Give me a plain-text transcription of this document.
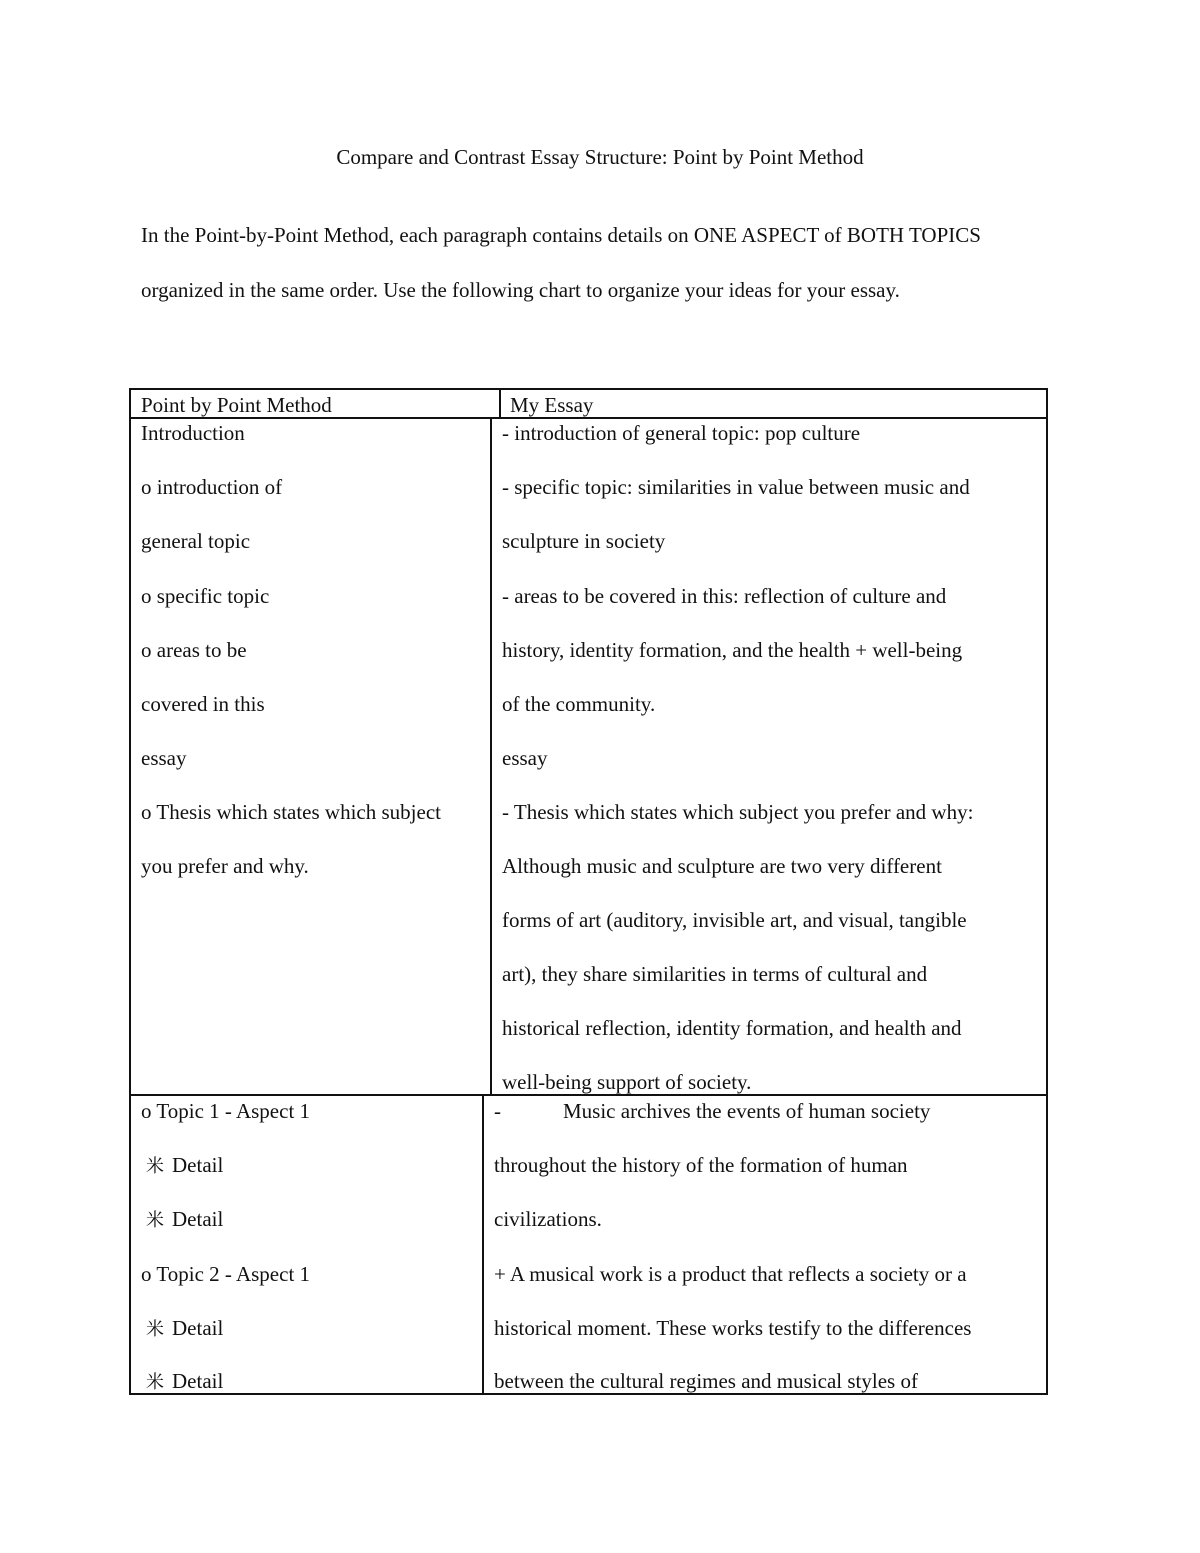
Compare and Contrast Essay Structure: Point by Point Method
In the Point-by-Point Method, each paragraph contains details on ONE ASPECT of BOTH TOPICS organized in the same order. Use the following chart to organize your ideas for your essay.
Point by Point Method	My Essay
Introduction
o introduction of
general topic
o specific topic
o areas to be
covered in this
essay
o Thesis which states which subject
you prefer and why.
- introduction of general topic: pop culture
- specific topic: similarities in value between music and
sculpture in society
- areas to be covered in this: reflection of culture and
history, identity formation, and the health + well-being
of the community.
essay
- Thesis which states which subject you prefer and why:
Although music and sculpture are two very different
forms of art (auditory, invisible art, and visual, tangible
art), they share similarities in terms of cultural and
historical reflection, identity formation, and health and
well-being support of society.
o Topic 1 - Aspect 1
米 Detail
米 Detail
o Topic 2 - Aspect 1
米 Detail
米 Detail
-	Music archives the events of human society
throughout the history of the formation of human
civilizations.
+ A musical work is a product that reflects a society or a
historical moment. These works testify to the differences
between the cultural regimes and musical styles of
